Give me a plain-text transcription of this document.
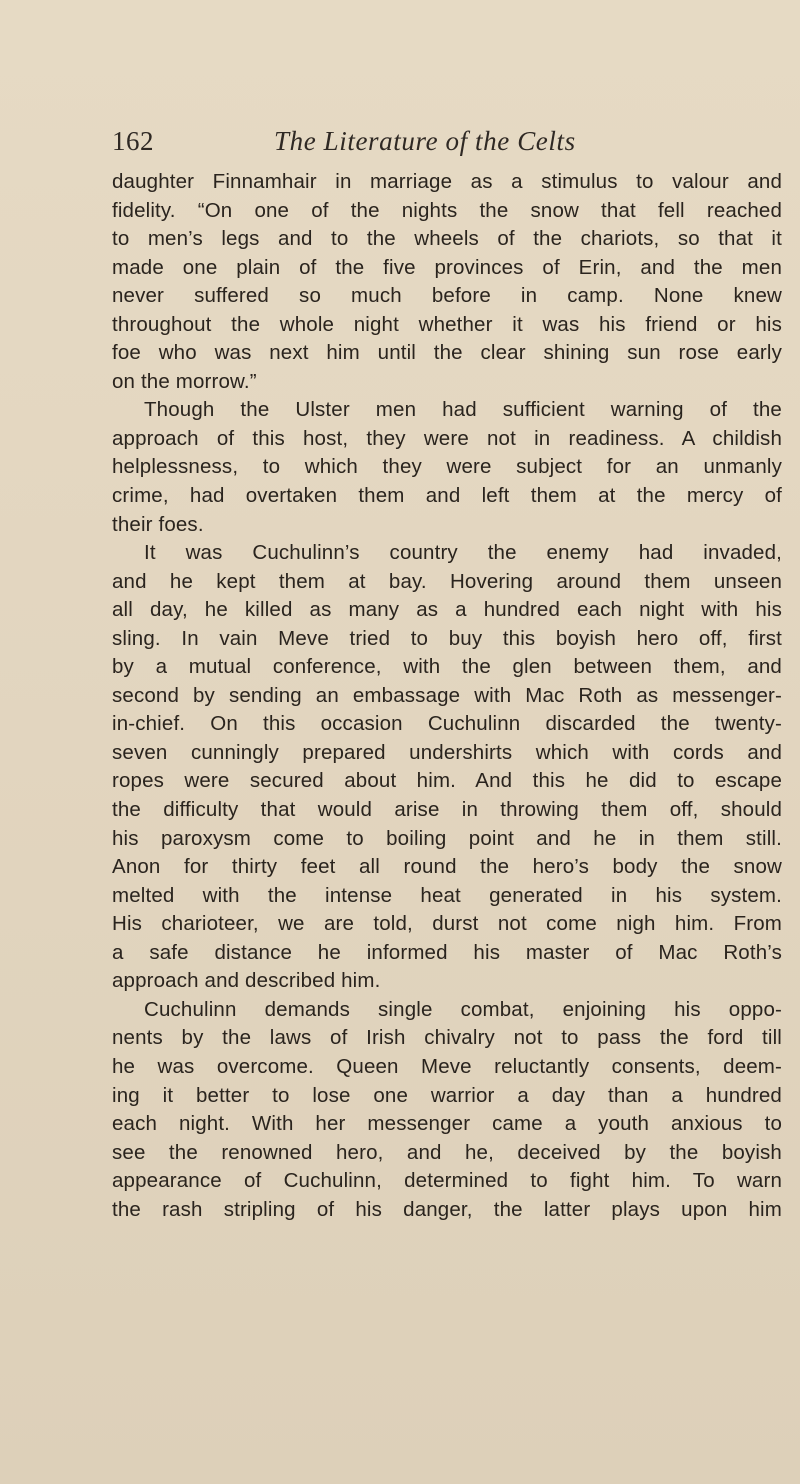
162	The Literature of the Celts
daughter Finnamhair in marriage as a stimulus to valour and
fidelity. “On one of the nights the snow that fell reached
to men’s legs and to the wheels of the chariots, so that it
made one plain of the five provinces of Erin, and the men
never suffered so much before in camp. None knew
throughout the whole night whether it was his friend or his
foe who was next him until the clear shining sun rose early
on the morrow.”
Though the Ulster men had sufficient warning of the
approach of this host, they were not in readiness. A childish
helplessness, to which they were subject for an unmanly
crime, had overtaken them and left them at the mercy of
their foes.
It was Cuchulinn’s country the enemy had invaded,
and he kept them at bay. Hovering around them unseen
all day, he killed as many as a hundred each night with his
sling. In vain Meve tried to buy this boyish hero off, first
by a mutual conference, with the glen between them, and
second by sending an embassage with Mac Roth as messenger-
in-chief. On this occasion Cuchulinn discarded the twenty-
seven cunningly prepared undershirts which with cords and
ropes were secured about him. And this he did to escape
the difficulty that would arise in throwing them off, should
his paroxysm come to boiling point and he in them still.
Anon for thirty feet all round the hero’s body the snow
melted with the intense heat generated in his system.
His charioteer, we are told, durst not come nigh him. From
a safe distance he informed his master of Mac Roth’s
approach and described him.
Cuchulinn demands single combat, enjoining his oppo-
nents by the laws of Irish chivalry not to pass the ford till
he was overcome. Queen Meve reluctantly consents, deem-
ing it better to lose one warrior a day than a hundred
each night. With her messenger came a youth anxious to
see the renowned hero, and he, deceived by the boyish
appearance of Cuchulinn, determined to fight him. To warn
the rash stripling of his danger, the latter plays upon him
